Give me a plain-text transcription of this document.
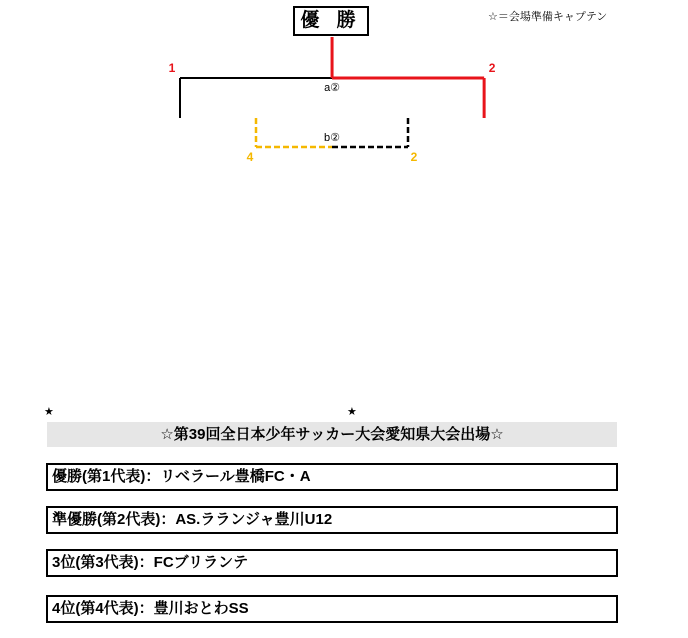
b②
4	2
a②
1	2
優 勝	☆＝会場準備キャプテン
★	★
☆第39回全日本少年サッカー大会愛知県大会出場☆
優勝(第1代表)：リベラール豊橋FC・A
準優勝(第2代表)：AS.ラランジャ豊川U12
3位(第3代表)：FCブリランテ
4位(第4代表)：豊川おとわSS
